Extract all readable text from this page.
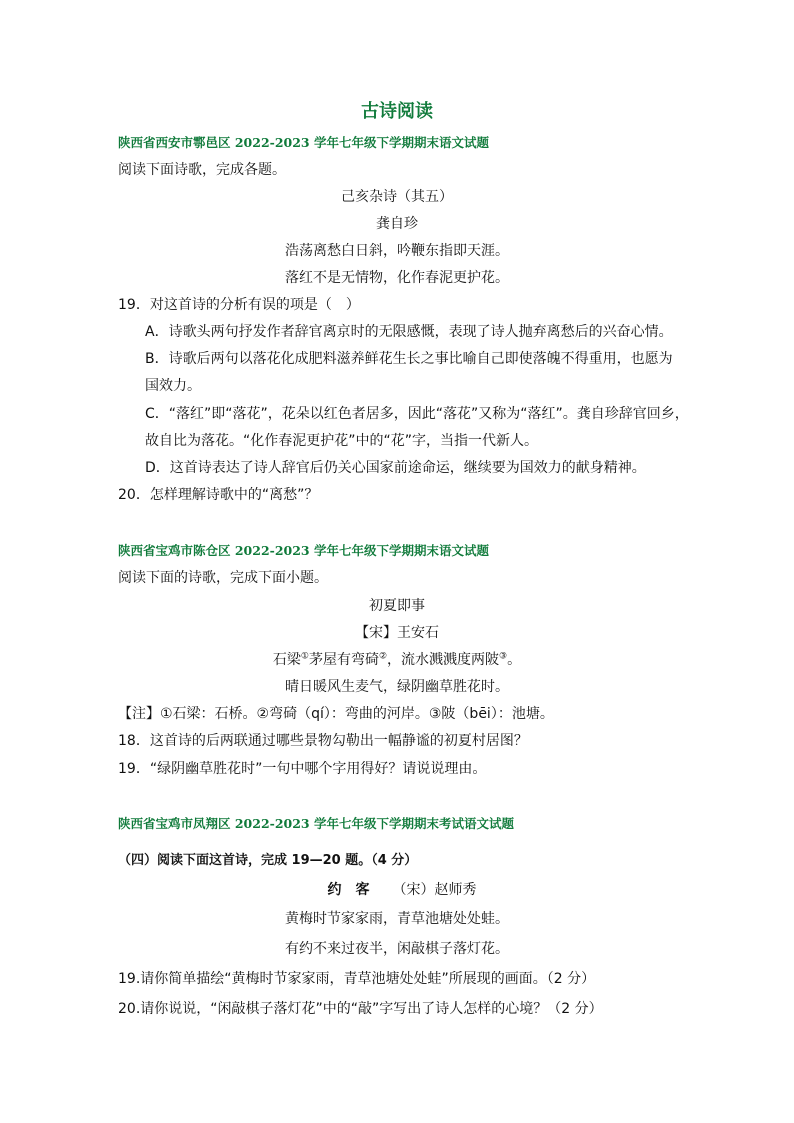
古诗阅读
陕西省西安市鄠邑区 2022-2023 学年七年级下学期期末语文试题
阅读下面诗歌，完成各题。
己亥杂诗（其五）
龚自珍
浩荡离愁白日斜，吟鞭东指即天涯。
落红不是无情物，化作春泥更护花。
19．对这首诗的分析有误的项是（　）
A．诗歌头两句抒发作者辞官离京时的无限感慨，表现了诗人抛弃离愁后的兴奋心情。
B．诗歌后两句以落花化成肥料滋养鲜花生长之事比喻自己即使落魄不得重用，也愿为
国效力。
C．“落红”即“落花”，花朵以红色者居多，因此“落花”又称为“落红”。龚自珍辞官回乡，
故自比为落花。“化作春泥更护花”中的“花”字，当指一代新人。
D．这首诗表达了诗人辞官后仍关心国家前途命运，继续要为国效力的献身精神。
20．怎样理解诗歌中的“离愁”？
陕西省宝鸡市陈仓区 2022-2023 学年七年级下学期期末语文试题
阅读下面的诗歌，完成下面小题。
初夏即事
【宋】王安石
石梁①茅屋有弯碕②，流水溅溅度两陂③。
晴日暖风生麦气，绿阴幽草胜花时。
【注】①石梁：石桥。②弯碕（qí）：弯曲的河岸。③陂（bēi）：池塘。
18．这首诗的后两联通过哪些景物勾勒出一幅静谧的初夏村居图？
19．“绿阴幽草胜花时”一句中哪个字用得好？请说说理由。
陕西省宝鸡市凤翔区 2022-2023 学年七年级下学期期末考试语文试题
（四）阅读下面这首诗，完成 19—20 题。（4 分）
约　客 （宋）赵师秀
黄梅时节家家雨，青草池塘处处蛙。
有约不来过夜半，闲敲棋子落灯花。
19.请你简单描绘“黄梅时节家家雨，青草池塘处处蛙”所展现的画面。（2 分）
20.请你说说，“闲敲棋子落灯花”中的“敲”字写出了诗人怎样的心境？（2 分）
